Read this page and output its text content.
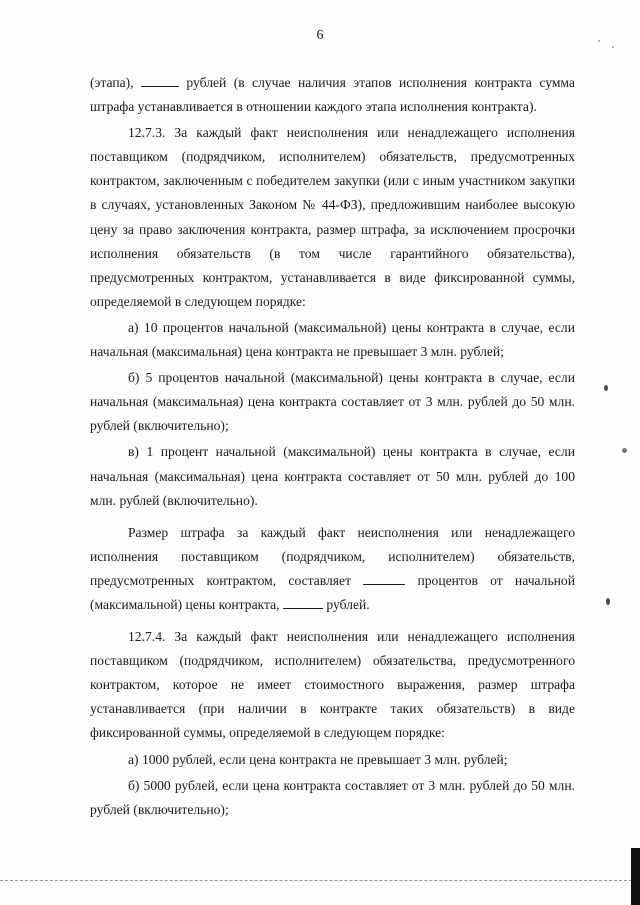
6

(этапа),	рублей (в случае наличия этапов исполнения контракта сумма штрафа устанавливается в отношении каждого этапа исполнения контракта).

12.7.3. За каждый факт неисполнения или ненадлежащего исполнения поставщиком (подрядчиком, исполнителем) обязательств, предусмотренных контрактом, заключенным с победителем закупки (или с иным участником закупки в случаях, установленных Законом № 44-ФЗ), предложившим наиболее высокую цену за право заключения контракта, размер штрафа, за исключением просрочки исполнения обязательств (в том числе гарантийного обязательства), предусмотренных контрактом, устанавливается в виде фиксированной суммы, определяемой в следующем порядке:

а) 10 процентов начальной (максимальной) цены контракта в случае, если начальная (максимальная) цена контракта не превышает 3 млн. рублей;

б) 5 процентов начальной (максимальной) цены контракта в случае, если начальная (максимальная) цена контракта составляет от 3 млн. рублей до 50 млн. рублей (включительно);

в) 1 процент начальной (максимальной) цены контракта в случае, если начальная (максимальная) цена контракта составляет от 50 млн. рублей до 100 млн. рублей (включительно).

Размер штрафа за каждый факт неисполнения или ненадлежащего исполнения поставщиком (подрядчиком, исполнителем) обязательств, предусмотренных контрактом, составляет	процентов от начальной (максимальной) цены контракта,	рублей.

12.7.4. За каждый факт неисполнения или ненадлежащего исполнения поставщиком (подрядчиком, исполнителем) обязательства, предусмотренного контрактом, которое не имеет стоимостного выражения, размер штрафа устанавливается (при наличии в контракте таких обязательств) в виде фиксированной суммы, определяемой в следующем порядке:

а) 1000 рублей, если цена контракта не превышает 3 млн. рублей;

б) 5000 рублей, если цена контракта составляет от 3 млн. рублей до 50 млн. рублей (включительно);
